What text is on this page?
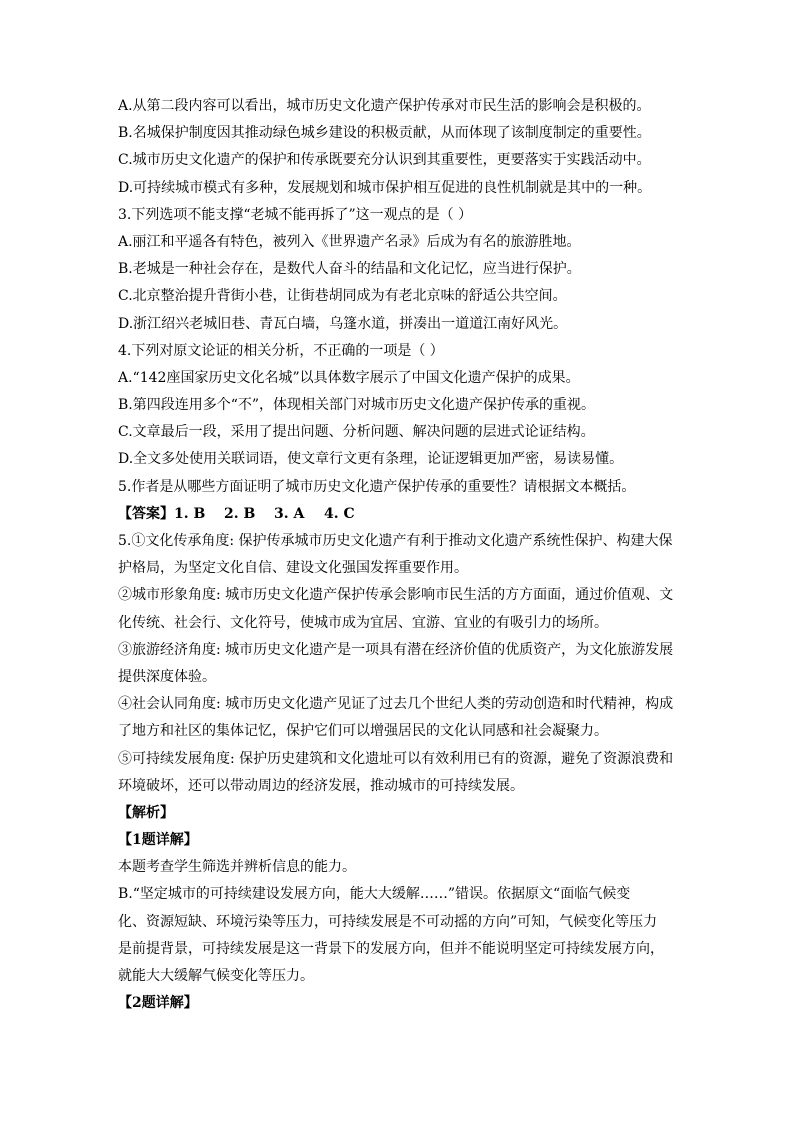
A.从第二段内容可以看出，城市历史文化遗产保护传承对市民生活的影响会是积极的。
B.名城保护制度因其推动绿色城乡建设的积极贡献，从而体现了该制度制定的重要性。
C.城市历史文化遗产的保护和传承既要充分认识到其重要性，更要落实于实践活动中。
D.可持续城市模式有多种，发展规划和城市保护相互促进的良性机制就是其中的一种。
3.下列选项不能支撑“老城不能再拆了”这一观点的是（ ）
A.丽江和平遥各有特色，被列入《世界遗产名录》后成为有名的旅游胜地。
B.老城是一种社会存在，是数代人奋斗的结晶和文化记忆，应当进行保护。
C.北京整治提升背街小巷，让街巷胡同成为有老北京味的舒适公共空间。
D.浙江绍兴老城旧巷、青瓦白墙，乌篷水道，拼凑出一道道江南好风光。
4.下列对原文论证的相关分析，不正确的一项是（ ）
A.“142座国家历史文化名城”以具体数字展示了中国文化遗产保护的成果。
B.第四段连用多个“不”，体现相关部门对城市历史文化遗产保护传承的重视。
C.文章最后一段，采用了提出问题、分析问题、解决问题的层进式论证结构。
D.全文多处使用关联词语，使文章行文更有条理，论证逻辑更加严密，易读易懂。
5.作者是从哪些方面证明了城市历史文化遗产保护传承的重要性？请根据文本概括。
【答案】1. B 2. B 3. A 4. C
5.①文化传承角度: 保护传承城市历史文化遗产有利于推动文化遗产系统性保护、构建大保
护格局，为坚定文化自信、建设文化强国发挥重要作用。
②城市形象角度: 城市历史文化遗产保护传承会影响市民生活的方方面面，通过价值观、文
化传统、社会行、文化符号，使城市成为宜居、宜游、宜业的有吸引力的场所。
③旅游经济角度: 城市历史文化遗产是一项具有潜在经济价值的优质资产，为文化旅游发展
提供深度体验。
④社会认同角度: 城市历史文化遗产见证了过去几个世纪人类的劳动创造和时代精神，构成
了地方和社区的集体记忆，保护它们可以增强居民的文化认同感和社会凝聚力。
⑤可持续发展角度: 保护历史建筑和文化遗址可以有效利用已有的资源，避免了资源浪费和
环境破坏，还可以带动周边的经济发展，推动城市的可持续发展。
【解析】
【1题详解】
本题考查学生筛选并辨析信息的能力。
B.“坚定城市的可持续建设发展方向，能大大缓解……”错误。依据原文“面临气候变
化、资源短缺、环境污染等压力，可持续发展是不可动摇的方向”可知，气候变化等压力
是前提背景，可持续发展是这一背景下的发展方向，但并不能说明坚定可持续发展方向，
就能大大缓解气候变化等压力。
【2题详解】
